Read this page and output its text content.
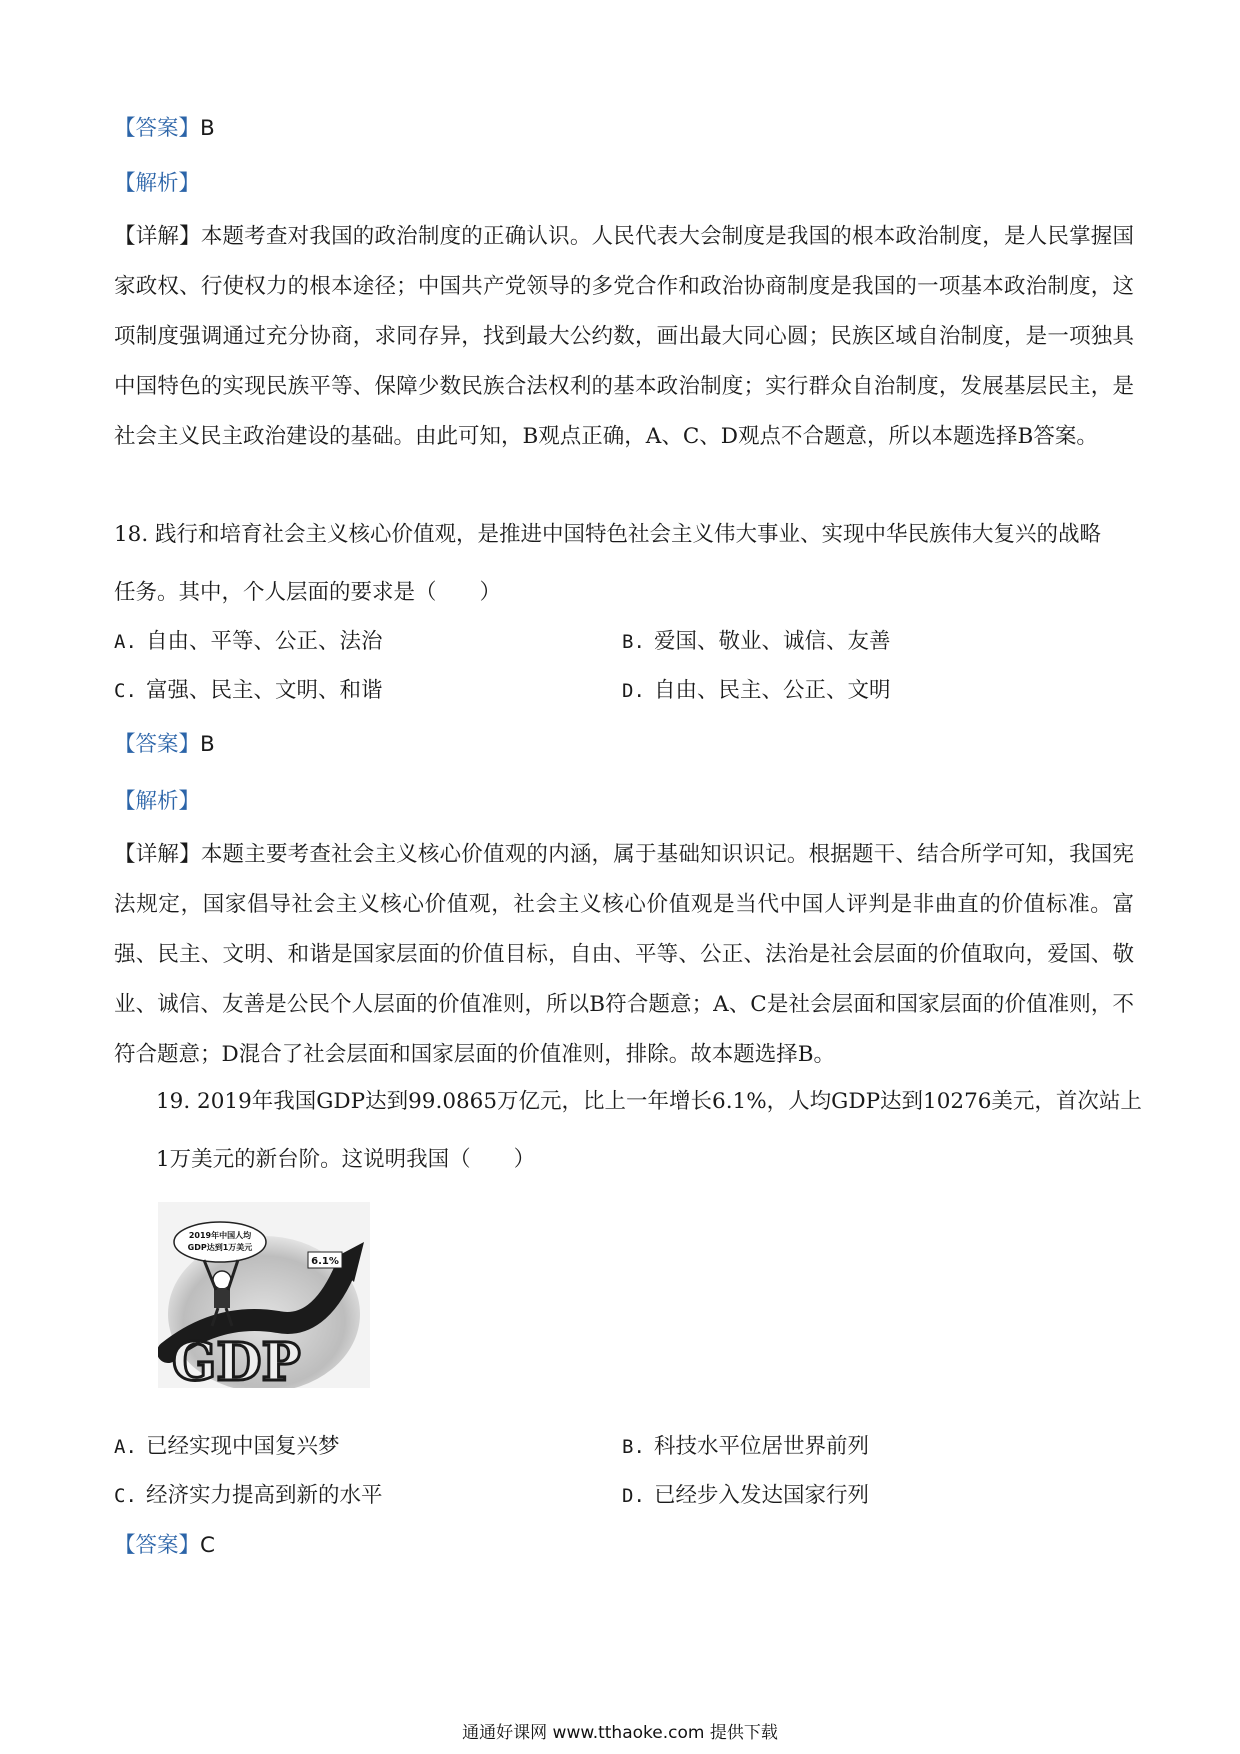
【答案】B
【解析】
【详解】本题考查对我国的政治制度的正确认识。人民代表大会制度是我国的根本政治制度，是人民掌握国家政权、行使权力的根本途径；中国共产党领导的多党合作和政治协商制度是我国的一项基本政治制度，这项制度强调通过充分协商，求同存异，找到最大公约数，画出最大同心圆；民族区域自治制度，是一项独具中国特色的实现民族平等、保障少数民族合法权利的基本政治制度；实行群众自治制度，发展基层民主，是社会主义民主政治建设的基础。由此可知，B观点正确，A、C、D观点不合题意，所以本题选择B答案。
18. 践行和培育社会主义核心价值观，是推进中国特色社会主义伟大事业、实现中华民族伟大复兴的战略
任务。其中，个人层面的要求是（　　）
A. 自由、平等、公正、法治	B. 爱国、敬业、诚信、友善
C. 富强、民主、文明、和谐	D. 自由、民主、公正、文明
【答案】B
【解析】
【详解】本题主要考查社会主义核心价值观的内涵，属于基础知识识记。根据题干、结合所学可知，我国宪法规定，国家倡导社会主义核心价值观，社会主义核心价值观是当代中国人评判是非曲直的价值标准。富强、民主、文明、和谐是国家层面的价值目标，自由、平等、公正、法治是社会层面的价值取向，爱国、敬业、诚信、友善是公民个人层面的价值准则，所以B符合题意；A、C是社会层面和国家层面的价值准则，不符合题意；D混合了社会层面和国家层面的价值准则，排除。故本题选择B。
19. 2019年我国GDP达到99.0865万亿元，比上一年增长6.1%，人均GDP达到10276美元，首次站上
1万美元的新台阶。这说明我国（　　）
6.1%
2019年中国人均
GDP达到1万美元
GDP
A. 已经实现中国复兴梦	B. 科技水平位居世界前列
C. 经济实力提高到新的水平	D. 已经步入发达国家行列
【答案】C
通通好课网 www.tthaoke.com 提供下载
